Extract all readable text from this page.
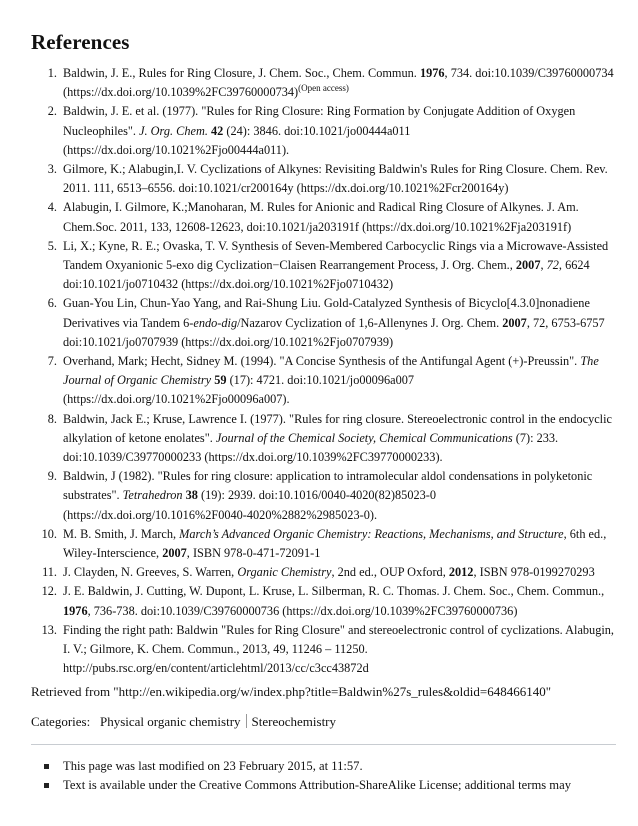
References
1. Baldwin, J. E., Rules for Ring Closure, J. Chem. Soc., Chem. Commun. 1976, 734. doi:10.1039/C39760000734
(https://dx.doi.org/10.1039%2FC39760000734)$^{(Open access)}$
2. Baldwin, J. E. et al. (1977). "Rules for Ring Closure: Ring Formation by Conjugate Addition of Oxygen
Nucleophiles". J. Org. Chem. 42 (24): 3846. doi:10.1021/jo00444a011
(https://dx.doi.org/10.1021%2Fjo00444a011).
3. Gilmore, K.; Alabugin,I. V. Cyclizations of Alkynes: Revisiting Baldwin's Rules for Ring Closure. Chem. Rev.
2011. 111, 6513–6556. doi:10.1021/cr200164y (https://dx.doi.org/10.1021%2Fcr200164y)
4. Alabugin, I. Gilmore, K.;Manoharan, M. Rules for Anionic and Radical Ring Closure of Alkynes. J. Am.
Chem.Soc. 2011, 133, 12608-12623, doi:10.1021/ja203191f (https://dx.doi.org/10.1021%2Fja203191f)
5. Li, X.; Kyne, R. E.; Ovaska, T. V. Synthesis of Seven-Membered Carbocyclic Rings via a Microwave-Assisted
Tandem Oxyanionic 5-exo dig Cyclization−Claisen Rearrangement Process, J. Org. Chem., 2007, 72, 6624
doi:10.1021/jo0710432 (https://dx.doi.org/10.1021%2Fjo0710432)
6. Guan-You Lin, Chun-Yao Yang, and Rai-Shung Liu. Gold-Catalyzed Synthesis of Bicyclo[4.3.0]nonadiene
Derivatives via Tandem 6-endo-dig/Nazarov Cyclization of 1,6-Allenynes J. Org. Chem. 2007, 72, 6753-6757
doi:10.1021/jo0707939 (https://dx.doi.org/10.1021%2Fjo0707939)
7. Overhand, Mark; Hecht, Sidney M. (1994). "A Concise Synthesis of the Antifungal Agent (+)-Preussin". The
Journal of Organic Chemistry 59 (17): 4721. doi:10.1021/jo00096a007
(https://dx.doi.org/10.1021%2Fjo00096a007).
8. Baldwin, Jack E.; Kruse, Lawrence I. (1977). "Rules for ring closure. Stereoelectronic control in the endocyclic
alkylation of ketone enolates". Journal of the Chemical Society, Chemical Communications (7): 233.
doi:10.1039/C39770000233 (https://dx.doi.org/10.1039%2FC39770000233).
9. Baldwin, J (1982). "Rules for ring closure: application to intramolecular aldol condensations in polyketonic
substrates". Tetrahedron 38 (19): 2939. doi:10.1016/0040-4020(82)85023-0
(https://dx.doi.org/10.1016%2F0040-4020%2882%2985023-0).
10. M. B. Smith, J. March, March’s Advanced Organic Chemistry: Reactions, Mechanisms, and Structure, 6th ed.,
Wiley-Interscience, 2007, ISBN 978-0-471-72091-1
11. J. Clayden, N. Greeves, S. Warren, Organic Chemistry, 2nd ed., OUP Oxford, 2012, ISBN 978-0199270293
12. J. E. Baldwin, J. Cutting, W. Dupont, L. Kruse, L. Silberman, R. C. Thomas. J. Chem. Soc., Chem. Commun.,
1976, 736-738. doi:10.1039/C39760000736 (https://dx.doi.org/10.1039%2FC39760000736)
13. Finding the right path: Baldwin "Rules for Ring Closure" and stereoelectronic control of cyclizations. Alabugin,
I. V.; Gilmore, K. Chem. Commun., 2013, 49, 11246 – 11250.
http://pubs.rsc.org/en/content/articlehtml/2013/cc/c3cc43872d

Retrieved from "http://en.wikipedia.org/w/index.php?title=Baldwin%27s_rules&oldid=648466140"

Categories: Physical organic chemistry Stereochemistry
This page was last modified on 23 February 2015, at 11:57.
Text is available under the Creative Commons Attribution-ShareAlike License; additional terms may
